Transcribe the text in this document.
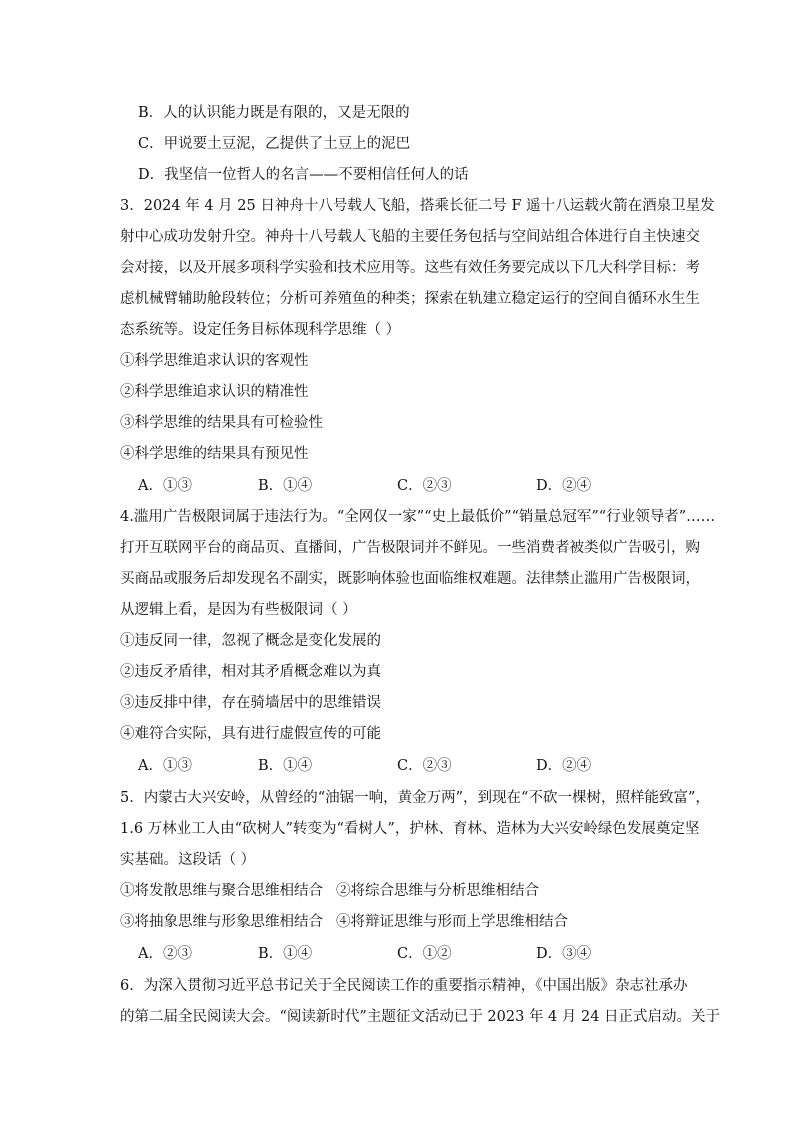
B．人的认识能力既是有限的，又是无限的
C．甲说要土豆泥，乙提供了土豆上的泥巴
D．我坚信一位哲人的名言——不要相信任何人的话
3．2024 年 4 月 25 日神舟十八号载人飞船，搭乘长征二号 F 遥十八运载火箭在酒泉卫星发
射中心成功发射升空。神舟十八号载人飞船的主要任务包括与空间站组合体进行自主快速交
会对接，以及开展多项科学实验和技术应用等。这些有效任务要完成以下几大科学目标：考
虑机械臂辅助舱段转位；分析可养殖鱼的种类；探索在轨建立稳定运行的空间自循环水生生
态系统等。设定任务目标体现科学思维（ ）
①科学思维追求认识的客观性
②科学思维追求认识的精准性
③科学思维的结果具有可检验性
④科学思维的结果具有预见性
A．①③	B．①④	C．②③	D．②④
4.滥用广告极限词属于违法行为。“全网仅一家”“史上最低价”“销量总冠军”“行业领导者”……
打开互联网平台的商品页、直播间，广告极限词并不鲜见。一些消费者被类似广告吸引，购
买商品或服务后却发现名不副实，既影响体验也面临维权难题。法律禁止滥用广告极限词，
从逻辑上看，是因为有些极限词（ ）
①违反同一律，忽视了概念是变化发展的
②违反矛盾律，相对其矛盾概念难以为真
③违反排中律，存在骑墙居中的思维错误
④难符合实际，具有进行虚假宣传的可能
A．①③	B．①④	C．②③	D．②④
5．内蒙古大兴安岭，从曾经的“油锯一响，黄金万两”，到现在“不砍一棵树，照样能致富”，
1.6 万林业工人由“砍树人”转变为“看树人”，护林、育林、造林为大兴安岭绿色发展奠定坚
实基础。这段话（ ）
①将发散思维与聚合思维相结合 ②将综合思维与分析思维相结合
③将抽象思维与形象思维相结合 ④将辩证思维与形而上学思维相结合
A．②③	B．①④	C．①②	D．③④
6．为深入贯彻习近平总书记关于全民阅读工作的重要指示精神，《中国出版》杂志社承办
的第二届全民阅读大会。“阅读新时代”主题征文活动已于 2023 年 4 月 24 日正式启动。关于
